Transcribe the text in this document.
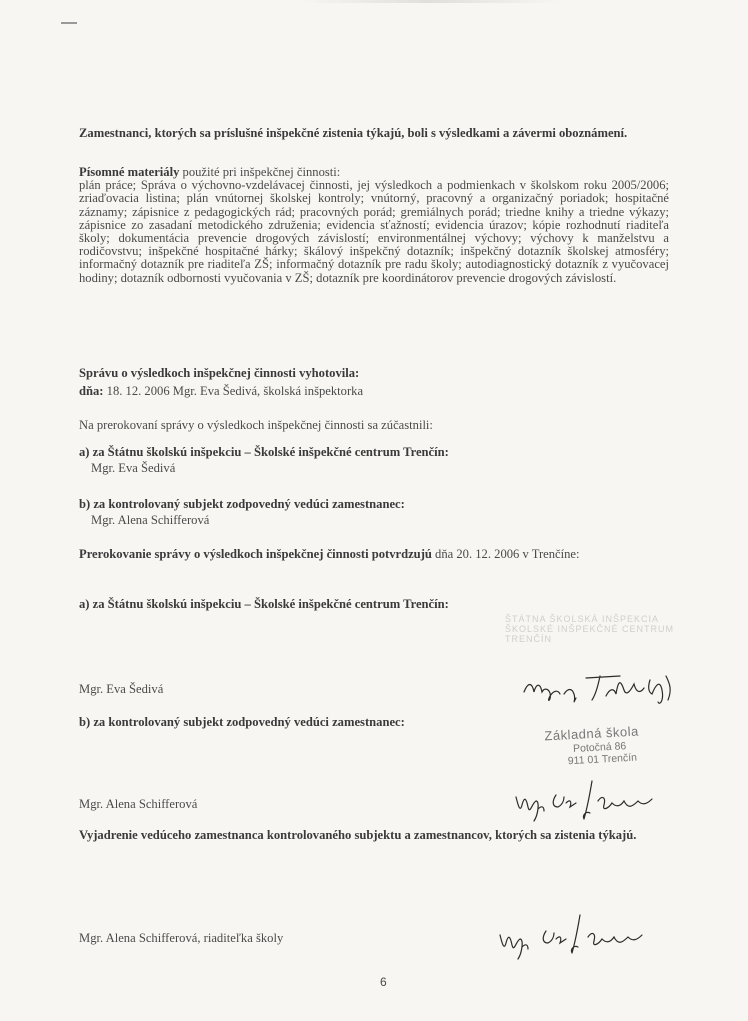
Zamestnanci, ktorých sa príslušné inšpekčné zistenia týkajú, boli s výsledkami a závermi oboznámení.
Písomné materiály použité pri inšpekčnej činnosti:
plán práce; Správa o výchovno-vzdelávacej činnosti, jej výsledkoch a podmienkach v školskom roku 2005/2006; zriaďovacia listina; plán vnútornej školskej kontroly; vnútorný, pracovný a organizačný poriadok; hospitačné záznamy; zápisnice z pedagogických rád; pracovných porád; gremiálnych porád; triedne knihy a triedne výkazy; zápisnice zo zasadaní metodického združenia; evidencia sťažností; evidencia úrazov; kópie rozhodnutí riaditeľa školy; dokumentácia prevencie drogových závislostí; environmentálnej výchovy; výchovy k manželstvu a rodičovstvu; inšpekčné hospitačné hárky; škálový inšpekčný dotazník; inšpekčný dotazník školskej atmosféry; informačný dotazník pre riaditeľa ZŠ; informačný dotazník pre radu školy; autodiagnostický dotazník z vyučovacej hodiny; dotazník odbornosti vyučovania v ZŠ; dotazník pre koordinátorov prevencie drogových závislostí.
Správu o výsledkoch inšpekčnej činnosti vyhotovila:
dňa: 18. 12. 2006 Mgr. Eva Šedivá, školská inšpektorka
Na prerokovaní správy o výsledkoch inšpekčnej činnosti sa zúčastnili:
a) za Štátnu školskú inšpekciu – Školské inšpekčné centrum Trenčín:
Mgr. Eva Šedivá
b) za kontrolovaný subjekt zodpovedný vedúci zamestnanec:
Mgr. Alena Schifferová
Prerokovanie správy o výsledkoch inšpekčnej činnosti potvrdzujú dňa 20. 12. 2006 v Trenčíne:
a) za Štátnu školskú inšpekciu – Školské inšpekčné centrum Trenčín:
Mgr. Eva Šedivá
b) za kontrolovaný subjekt zodpovedný vedúci zamestnanec:
Mgr. Alena Schifferová
Vyjadrenie vedúceho zamestnanca kontrolovaného subjektu a zamestnancov, ktorých sa zistenia týkajú.
Mgr. Alena Schifferová, riaditeľka školy
6
ŠTÁTNA ŠKOLSKÁ INŠPEKCIA
ŠKOLSKÉ INŠPEKČNÉ CENTRUM
TRENČÍN
Základná škola
Potočná 86
911 01 Trenčín
